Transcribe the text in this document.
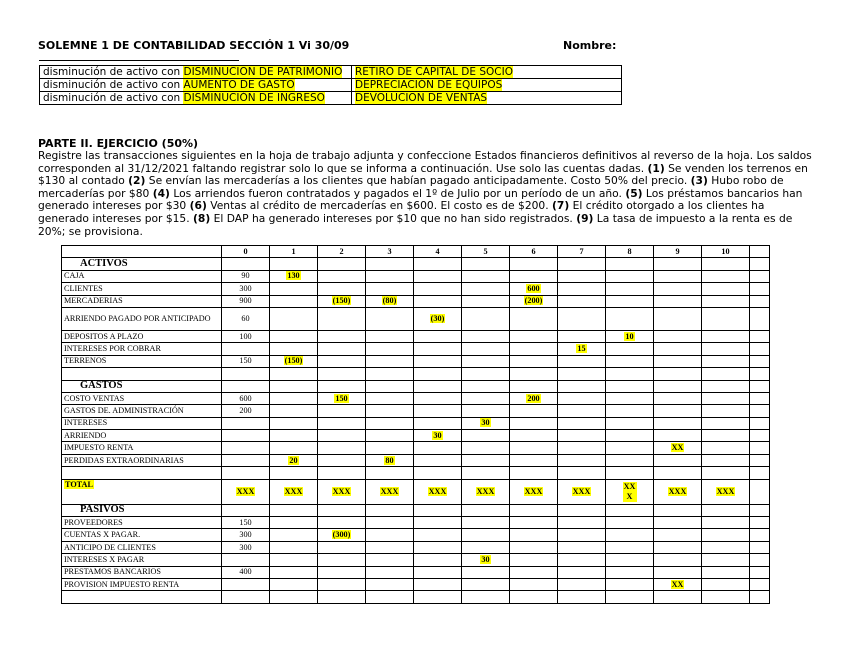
SOLEMNE 1 DE CONTABILIDAD SECCIÓN 1 Vi 30/09	Nombre:
disminución de activo con DISMINUCION DE PATRIMONIO	RETIRO DE CAPITAL DE SOCIO
disminución de activo con AUMENTO DE GASTO	DEPRECIACIÓN DE EQUIPOS
disminución de activo con DISMINUCIÓN DE INGRESO	DEVOLUCION DE VENTAS
PARTE II. EJERCICIO (50%)
Registre las transacciones siguientes en la hoja de trabajo adjunta y confeccione Estados financieros definitivos al reverso de la hoja. Los saldos corresponden al 31/12/2021 faltando registrar solo lo que se informa a continuación. Use solo las cuentas dadas. (1) Se venden los terrenos en $130 al contado (2) Se envían las mercaderías a los clientes que habían pagado anticipadamente. Costo 50% del precio. (3) Hubo robo de mercaderías por $80 (4) Los arriendos fueron contratados y pagados el 1º de Julio por un período de un año. (5) Los préstamos bancarios han generado intereses por $30 (6) Ventas al crédito de mercaderías en $600. El costo es de $200. (7) El crédito otorgado a los clientes ha generado intereses por $15. (8) El DAP ha generado intereses por $10 que no han sido registrados. (9) La tasa de impuesto a la renta es de 20%; se provisiona.
	0	1	2	3	4	5	6	7	8	9	10	
ACTIVOS												
CAJA	90	130										
CLIENTES	300						600					
MERCADERIAS	900		(150)	(80)			(200)					
ARRIENDO PAGADO POR ANTICIPADO	60				(30)							
DEPOSITOS A PLAZO	100								10			
INTERESES POR COBRAR								15				
TERRENOS	150	(150)										

GASTOS												
COSTO VENTAS	600		150				200					
GASTOS DE. ADMINISTRACIÓN	200											
INTERESES						30						
ARRIENDO					30							
IMPUESTO RENTA										XX		
PERDIDAS EXTRAORDINARIAS		20		80								

TOTAL	XXX	XXX	XXX	XXX	XXX	XXX	XXX	XXX	XXX	XXX	XXX	
PASIVOS												
PROVEEDORES	150											
CUENTAS X PAGAR.	300		(300)									
ANTICIPO DE CLIENTES	300											
INTERESES X PAGAR						30						
PRESTAMOS BANCARIOS	400											
PROVISION IMPUESTO RENTA										XX		
